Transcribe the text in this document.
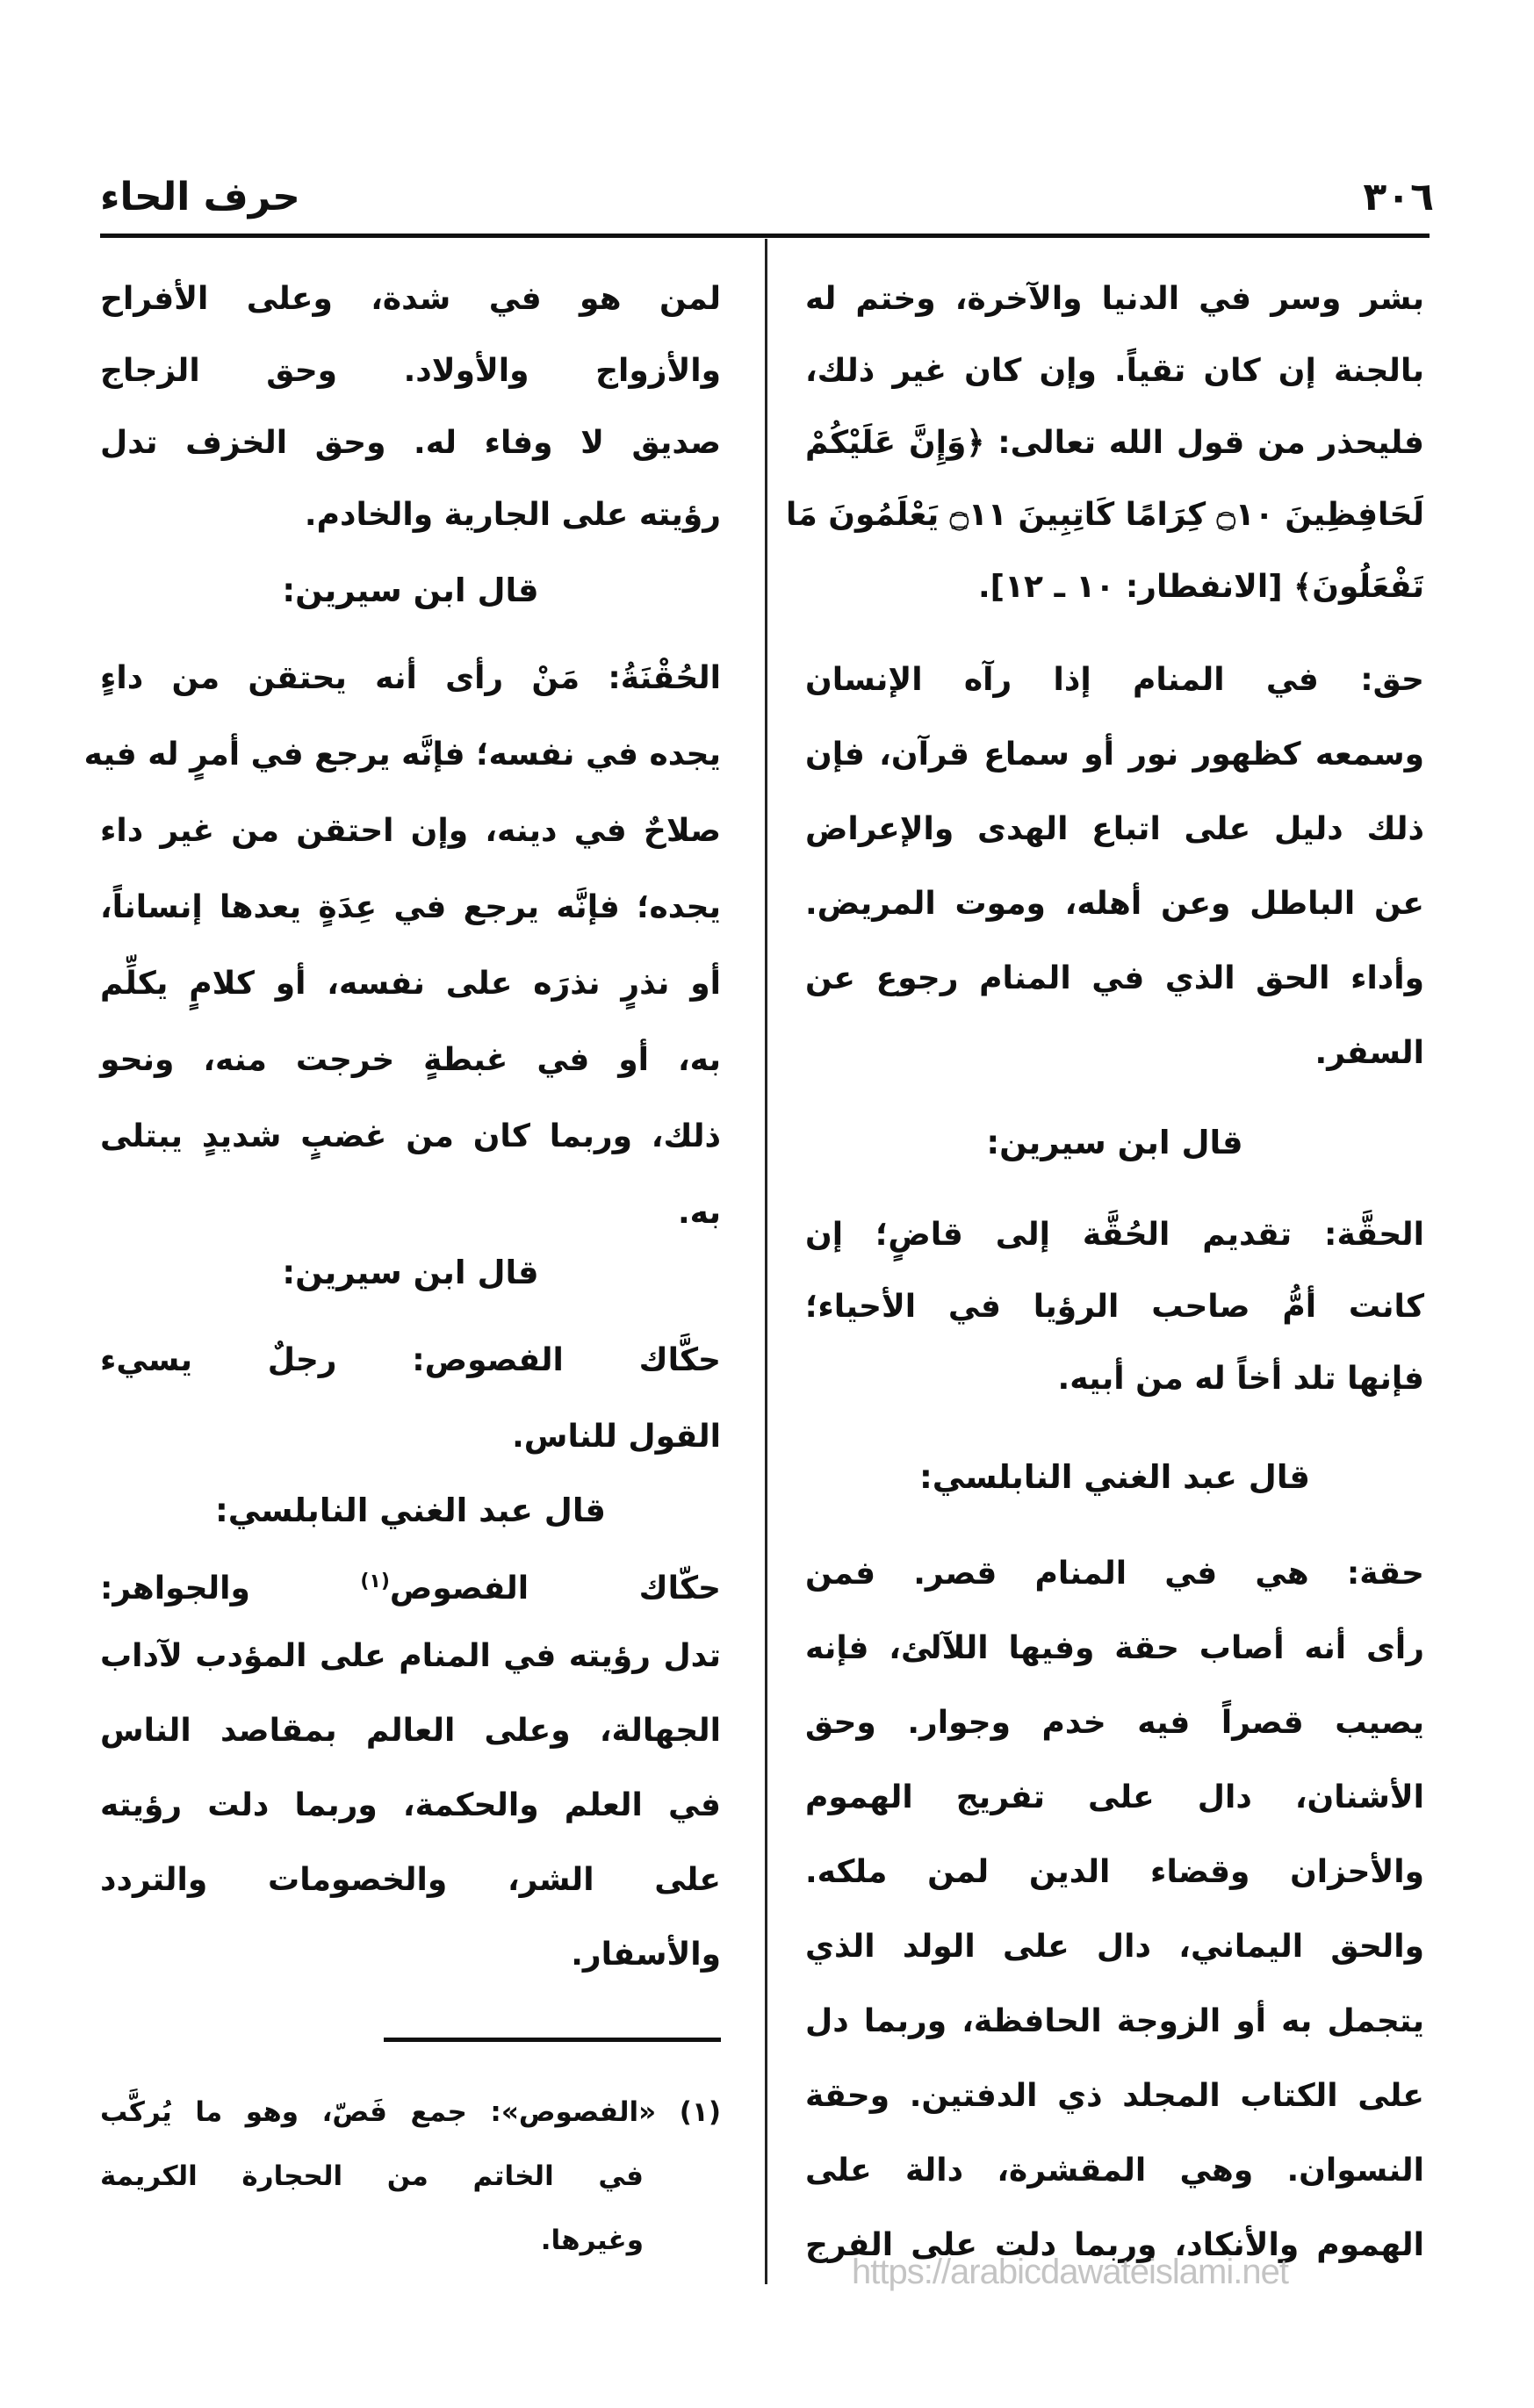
٣٠٦
حرف الحاء
بشر وسر في الدنيا والآخرة، وختم له
بالجنة إن كان تقياً. وإن كان غير ذلك،
فليحذر من قول الله تعالى: ﴿وَإِنَّ عَلَيْكُمْ
لَحَافِظِينَ ۝١٠ كِرَامًا كَاتِبِينَ ۝١١ يَعْلَمُونَ مَا
تَفْعَلُونَ﴾ [الانفطار: ١٠ ـ ١٢].
حق: في المنام إذا رآه الإنسان
وسمعه كظهور نور أو سماع قرآن، فإن
ذلك دليل على اتباع الهدى والإعراض
عن الباطل وعن أهله، وموت المريض.
وأداء الحق الذي في المنام رجوع عن
السفر.
قال ابن سيرين:
الحقَّة: تقديم الحُقَّة إلى قاضٍ؛ إن
كانت أمُّ صاحب الرؤيا في الأحياء؛
فإنها تلد أخاً له من أبيه.
قال عبد الغني النابلسي:
حقة: هي في المنام قصر. فمن
رأى أنه أصاب حقة وفيها اللآلئ، فإنه
يصيب قصراً فيه خدم وجوار. وحق
الأشنان، دال على تفريج الهموم
والأحزان وقضاء الدين لمن ملكه.
والحق اليماني، دال على الولد الذي
يتجمل به أو الزوجة الحافظة، وربما دل
على الكتاب المجلد ذي الدفتين. وحقة
النسوان. وهي المقشرة، دالة على
الهموم والأنكاد، وربما دلت على الفرج
لمن هو في شدة، وعلى الأفراح
والأزواج والأولاد. وحق الزجاج
صديق لا وفاء له. وحق الخزف تدل
رؤيته على الجارية والخادم.
قال ابن سيرين:
الحُقْنَةُ: مَنْ رأى أنه يحتقن من داءٍ
يجده في نفسه؛ فإنَّه يرجع في أمرٍ له فيه
صلاحٌ في دينه، وإن احتقن من غير داء
يجده؛ فإنَّه يرجع في عِدَةٍ يعدها إنساناً،
أو نذرٍ نذرَه على نفسه، أو كلامٍ يكلِّم
به، أو في غبطةٍ خرجت منه، ونحو
ذلك، وربما كان من غضبٍ شديدٍ يبتلى
به.
قال ابن سيرين:
حكَّاك الفصوص: رجلٌ يسيء
القول للناس.
قال عبد الغني النابلسي:
حكّاك الفصوص$^{(١)}$ والجواهر:
تدل رؤيته في المنام على المؤدب لآداب
الجهالة، وعلى العالم بمقاصد الناس
في العلم والحكمة، وربما دلت رؤيته
على الشر، والخصومات والتردد
والأسفار.
(١) «الفصوص»: جمع فَصّ، وهو ما يُركَّب
في الخاتم من الحجارة الكريمة
وغيرها.
https://arabicdawateislami.net
